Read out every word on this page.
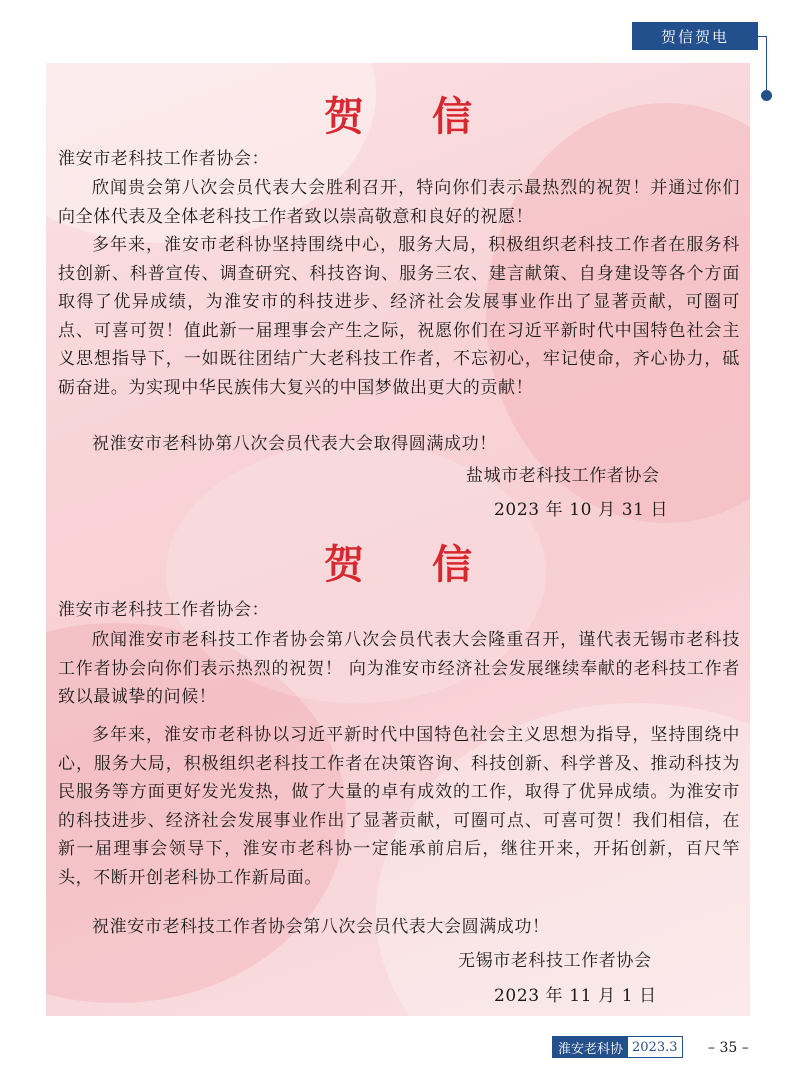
贺信贺电
贺信

淮安市老科技工作者协会：

欣闻贵会第八次会员代表大会胜利召开，特向你们表示最热烈的祝贺！并通过你们向全体代表及全体老科技工作者致以崇高敬意和良好的祝愿！

多年来，淮安市老科协坚持围绕中心，服务大局，积极组织老科技工作者在服务科技创新、科普宣传、调查研究、科技咨询、服务三农、建言献策、自身建设等各个方面取得了优异成绩，为淮安市的科技进步、经济社会发展事业作出了显著贡献，可圈可点、可喜可贺！值此新一届理事会产生之际，祝愿你们在习近平新时代中国特色社会主义思想指导下，一如既往团结广大老科技工作者，不忘初心，牢记使命，齐心协力，砥砺奋进。为实现中华民族伟大复兴的中国梦做出更大的贡献！

祝淮安市老科协第八次会员代表大会取得圆满成功！

盐城市老科技工作者协会
2023 年 10 月 31 日
贺信

淮安市老科技工作者协会：

欣闻淮安市老科技工作者协会第八次会员代表大会隆重召开，谨代表无锡市老科技工作者协会向你们表示热烈的祝贺！ 向为淮安市经济社会发展继续奉献的老科技工作者致以最诚挚的问候！

多年来，淮安市老科协以习近平新时代中国特色社会主义思想为指导，坚持围绕中心，服务大局，积极组织老科技工作者在决策咨询、科技创新、科学普及、推动科技为民服务等方面更好发光发热，做了大量的卓有成效的工作，取得了优异成绩。为淮安市的科技进步、经济社会发展事业作出了显著贡献，可圈可点、可喜可贺！我们相信，在新一届理事会领导下，淮安市老科协一定能承前启后，继往开来，开拓创新，百尺竿头，不断开创老科协工作新局面。

祝淮安市老科技工作者协会第八次会员代表大会圆满成功！

无锡市老科技工作者协会
2023 年 11 月 1 日
淮安老科协 2023.3 – 35 –
